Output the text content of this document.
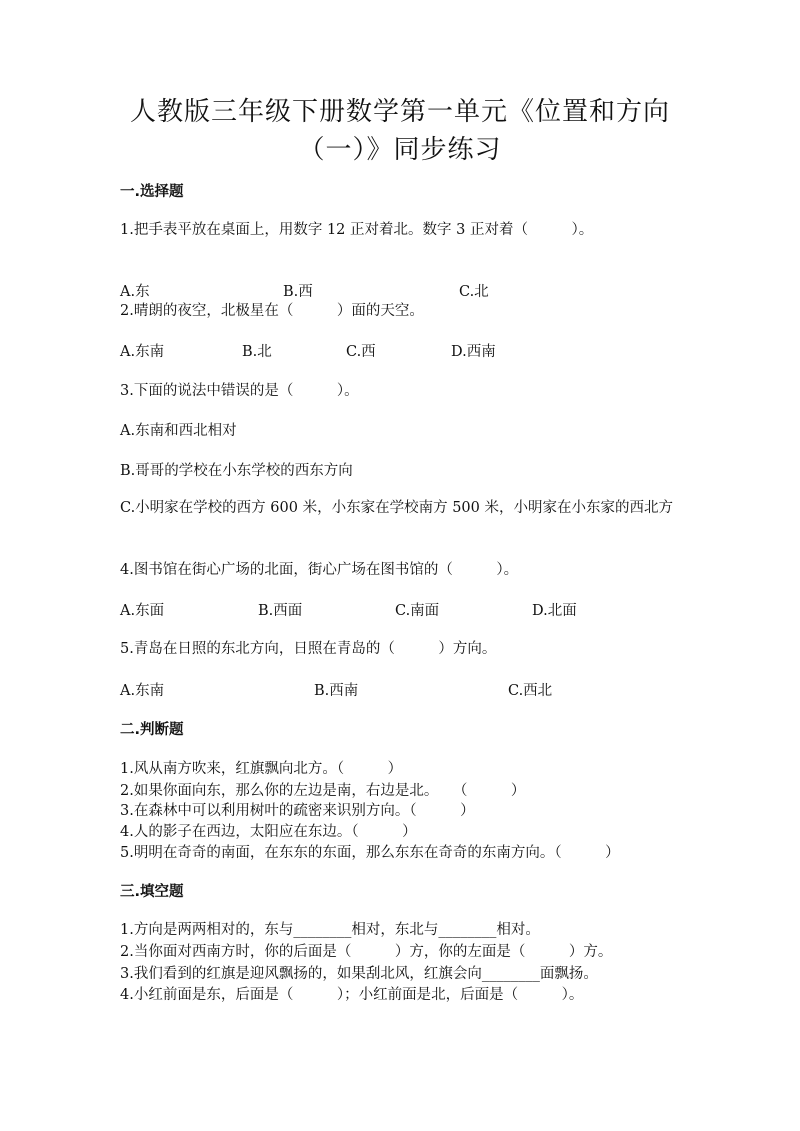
人教版三年级下册数学第一单元《位置和方向
（一）》同步练习
一.选择题
1.把手表平放在桌面上，用数字 12 正对着北。数字 3 正对着（　　　）。
A.东	B.西	C.北
2.晴朗的夜空，北极星在（　　　）面的天空。
A.东南	B.北	C.西	D.西南
3.下面的说法中错误的是（　　　）。
A.东南和西北相对
B.哥哥的学校在小东学校的西东方向
C.小明家在学校的西方 600 米，小东家在学校南方 500 米，小明家在小东家的西北方
4.图书馆在街心广场的北面，街心广场在图书馆的（　　　）。
A.东面	B.西面	C.南面	D.北面
5.青岛在日照的东北方向，日照在青岛的（　　　）方向。
A.东南	B.西南	C.西北
二.判断题
1.风从南方吹来，红旗飘向北方。（　　　）
2.如果你面向东，那么你的左边是南，右边是北。　　（　　　）
3.在森林中可以利用树叶的疏密来识别方向。（　　　）
4.人的影子在西边，太阳应在东边。（　　　）
5.明明在奇奇的南面，在东东的东面，那么东东在奇奇的东南方向。（　　　）
三.填空题
1.方向是两两相对的，东与________相对，东北与________相对。
2.当你面对西南方时，你的后面是（　　　）方，你的左面是（　　　）方。
3.我们看到的红旗是迎风飘扬的，如果刮北风，红旗会向________面飘扬。
4.小红前面是东，后面是（　　　）；小红前面是北，后面是（　　　）。
